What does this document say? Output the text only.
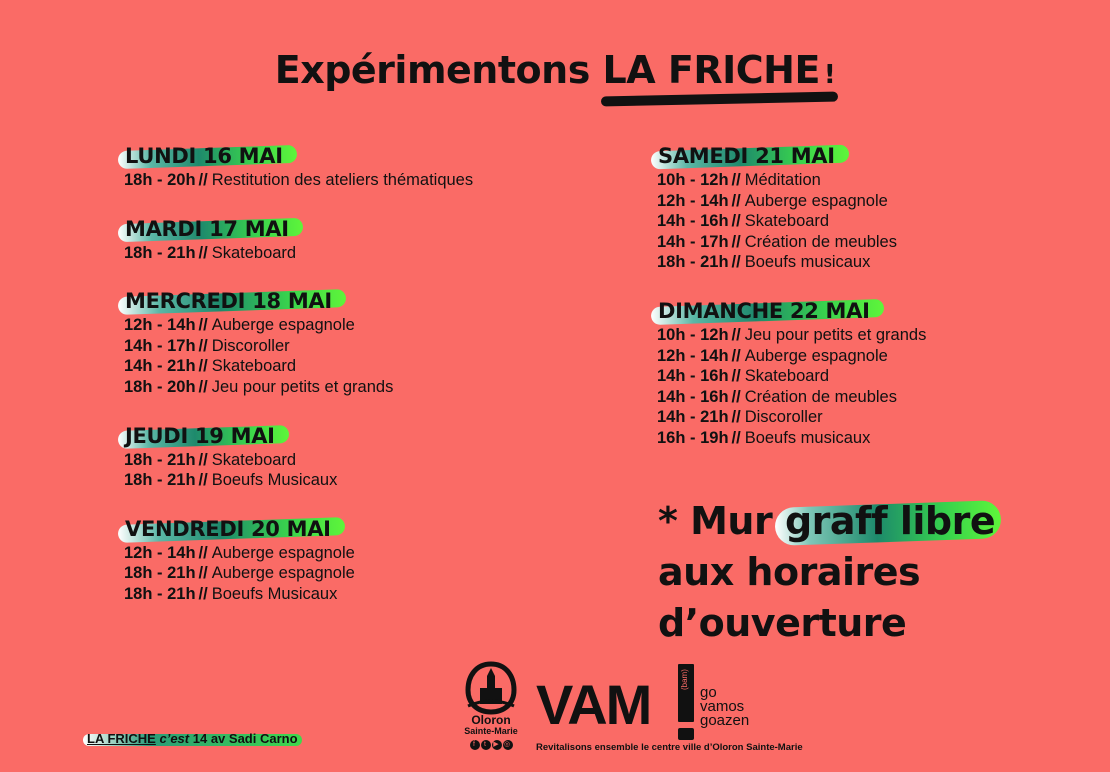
Expérimentons LA FRICHE !
LUNDI 16 MAI
18h - 20h // Restitution des ateliers thématiques
MARDI 17 MAI
18h - 21h // Skateboard
MERCREDI 18 MAI
12h - 14h // Auberge espagnole
14h - 17h // Discoroller
14h - 21h // Skateboard
18h - 20h // Jeu pour petits et grands
JEUDI 19 MAI
18h - 21h // Skateboard
18h - 21h // Boeufs Musicaux
VENDREDI 20 MAI
12h - 14h // Auberge espagnole
18h - 21h // Auberge espagnole
18h - 21h // Boeufs Musicaux
SAMEDI 21 MAI
10h - 12h // Méditation
12h - 14h // Auberge espagnole
14h - 16h // Skateboard
14h - 17h // Création de meubles
18h - 21h // Boeufs musicaux
DIMANCHE 22 MAI
10h - 12h // Jeu pour petits et grands
12h - 14h // Auberge espagnole
14h - 16h // Skateboard
14h - 16h // Création de meubles
14h - 21h // Discoroller
16h - 19h // Boeufs musicaux
* Mur graff libre
aux horaires
d’ouverture
LA FRICHE c’est 14 av Sadi Carno
Oloron
Sainte-Marie
f t ▶ ◎
VAM	(bam)
go
vamos
goazen
Revitalisons ensemble le centre ville d’Oloron Sainte-Marie
